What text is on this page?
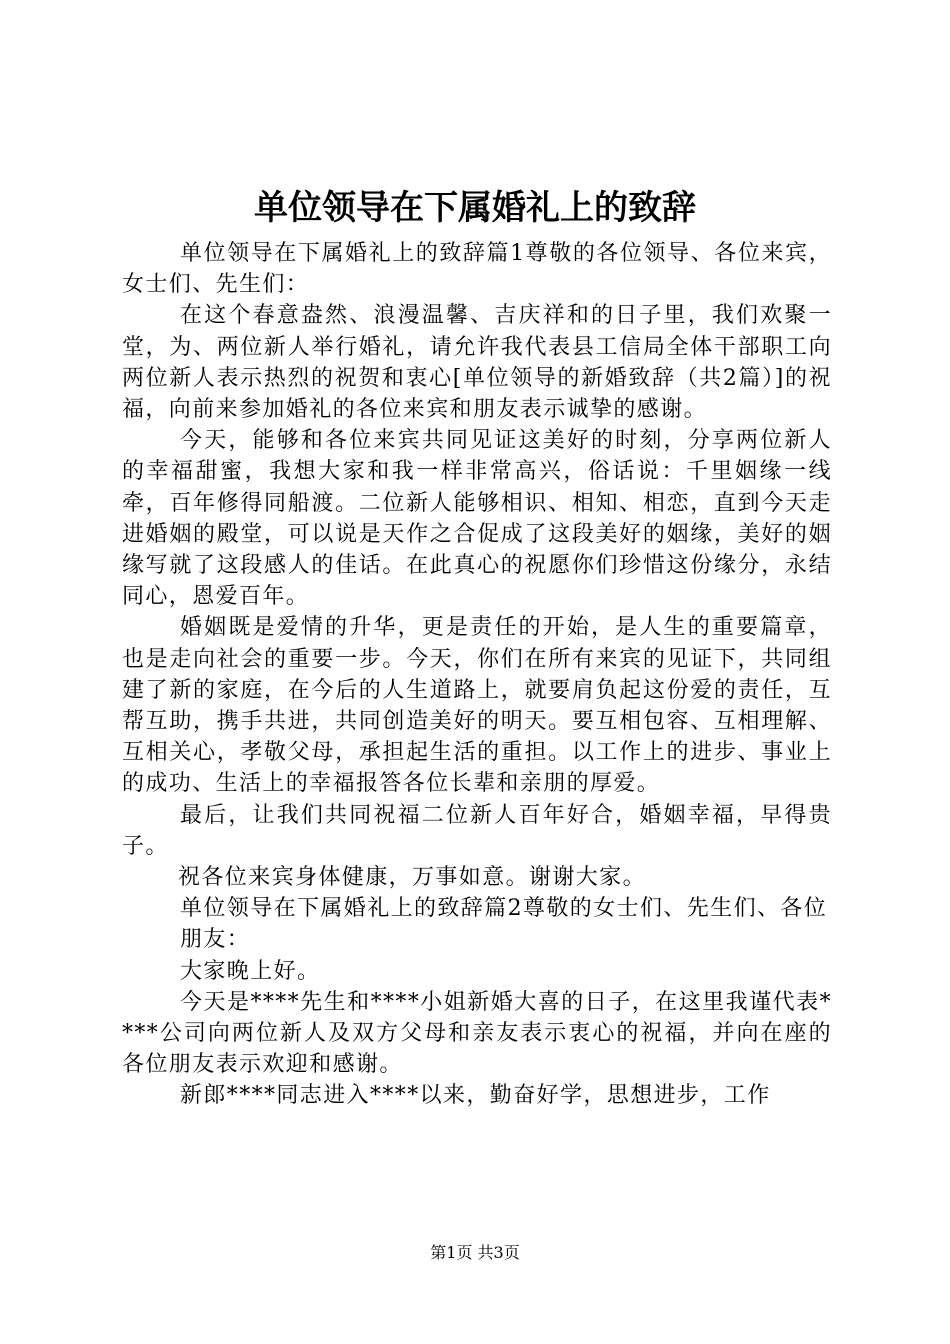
单位领导在下属婚礼上的致辞

单位领导在下属婚礼上的致辞篇1尊敬的各位领导、各位来宾，女士们、先生们：

在这个春意盎然、浪漫温馨、吉庆祥和的日子里，我们欢聚一堂，为、两位新人举行婚礼，请允许我代表县工信局全体干部职工向两位新人表示热烈的祝贺和衷心[单位领导的新婚致辞（共2篇）]的祝福，向前来参加婚礼的各位来宾和朋友表示诚挚的感谢。

今天，能够和各位来宾共同见证这美好的时刻，分享两位新人的幸福甜蜜，我想大家和我一样非常高兴，俗话说：千里姻缘一线牵，百年修得同船渡。二位新人能够相识、相知、相恋，直到今天走进婚姻的殿堂，可以说是天作之合促成了这段美好的姻缘，美好的姻缘写就了这段感人的佳话。在此真心的祝愿你们珍惜这份缘分，永结同心，恩爱百年。

婚姻既是爱情的升华，更是责任的开始，是人生的重要篇章，也是走向社会的重要一步。今天，你们在所有来宾的见证下，共同组建了新的家庭，在今后的人生道路上，就要肩负起这份爱的责任，互帮互助，携手共进，共同创造美好的明天。要互相包容、互相理解、互相关心，孝敬父母，承担起生活的重担。以工作上的进步、事业上的成功、生活上的幸福报答各位长辈和亲朋的厚爱。

最后，让我们共同祝福二位新人百年好合，婚姻幸福，早得贵子。

祝各位来宾身体健康，万事如意。谢谢大家。

单位领导在下属婚礼上的致辞篇2尊敬的女士们、先生们、各位

朋友：

大家晚上好。

今天是****先生和****小姐新婚大喜的日子，在这里我谨代表****公司向两位新人及双方父母和亲友表示衷心的祝福，并向在座的各位朋友表示欢迎和感谢。

新郎****同志进入****以来，勤奋好学，思想进步，工作

第1页 共3页
